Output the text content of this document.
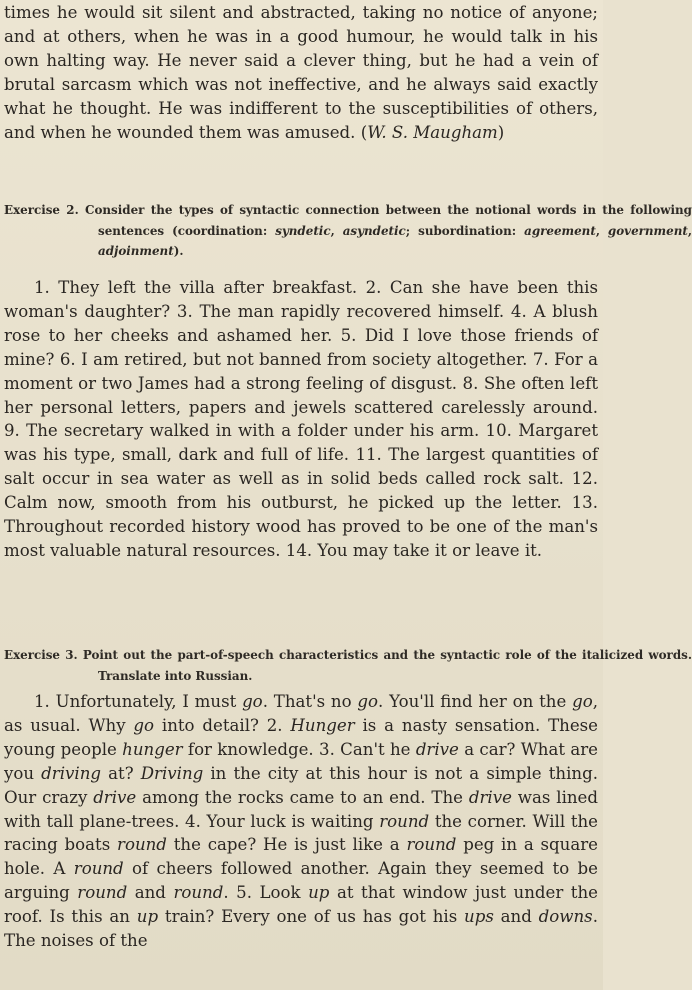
times he would sit silent and abstracted, taking no notice of anyone; and at others, when he was in a good humour, he would talk in his own halting way. He never said a clever thing, but he had a vein of brutal sarcasm which was not ineffective, and he always said exactly what he thought. He was indifferent to the susceptibilities of others, and when he wounded them was amused. (W. S. Maugham)
Exercise 2. Consider the types of syntactic connection between the notional words in the following sentences (coordination: syndetic, asyndetic; subordination: agreement, government, adjoinment).
1. They left the villa after breakfast. 2. Can she have been this woman's daughter? 3. The man rapidly recovered himself. 4. A blush rose to her cheeks and ashamed her. 5. Did I love those friends of mine? 6. I am retired, but not banned from society altogether. 7. For a moment or two James had a strong feeling of disgust. 8. She often left her personal letters, papers and jewels scattered carelessly around. 9. The secretary walked in with a folder under his arm. 10. Margaret was his type, small, dark and full of life. 11. The largest quantities of salt occur in sea water as well as in solid beds called rock salt. 12. Calm now, smooth from his outburst, he picked up the letter. 13. Throughout recorded history wood has proved to be one of the man's most valuable natural resources. 14. You may take it or leave it.
Exercise 3. Point out the part-of-speech characteristics and the syntactic role of the italicized words. Translate into Russian.
1. Unfortunately, I must go. That's no go. You'll find her on the go, as usual. Why go into detail? 2. Hunger is a nasty sensation. These young people hunger for knowledge. 3. Can't he drive a car? What are you driving at? Driving in the city at this hour is not a simple thing. Our crazy drive among the rocks came to an end. The drive was lined with tall plane-trees. 4. Your luck is waiting round the corner. Will the racing boats round the cape? He is just like a round peg in a square hole. A round of cheers followed another. Again they seemed to be arguing round and round. 5. Look up at that window just under the roof. Is this an up train? Every one of us has got his ups and downs. The noises of the
